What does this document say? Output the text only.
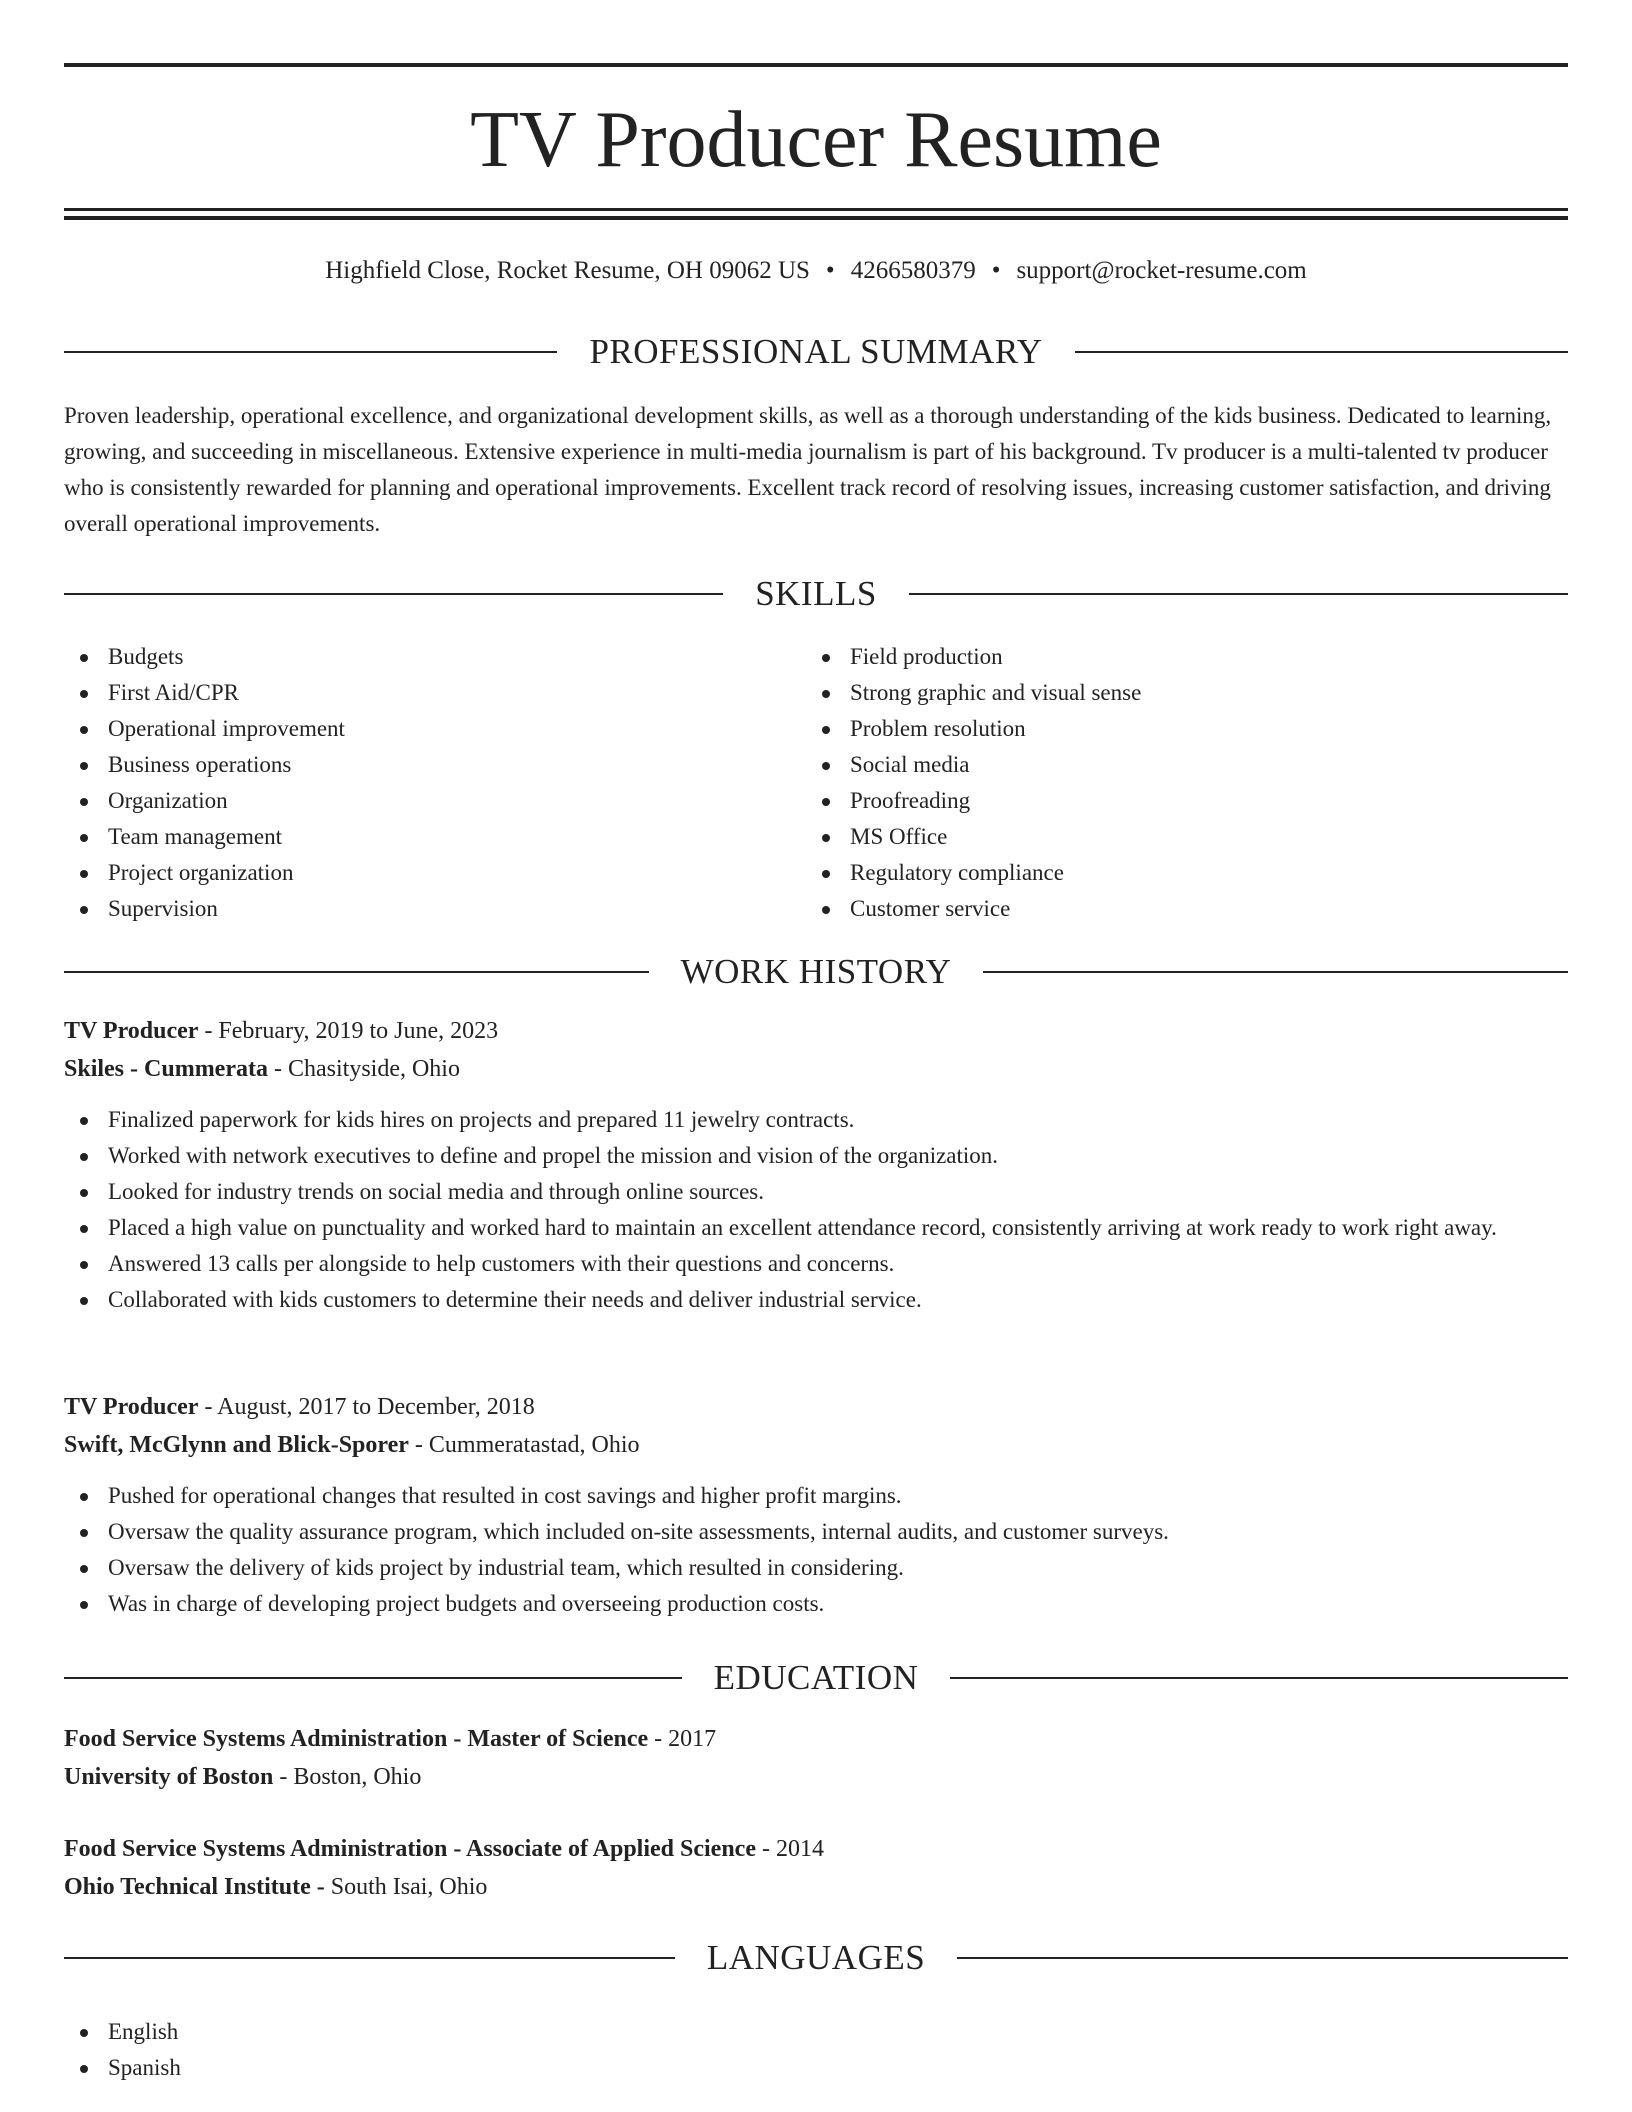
TV Producer Resume
Highfield Close, Rocket Resume, OH 09062 US • 4266580379 • support@rocket-resume.com
PROFESSIONAL SUMMARY

Proven leadership, operational excellence, and organizational development skills, as well as a thorough understanding of the kids business. Dedicated to learning, growing, and succeeding in miscellaneous. Extensive experience in multi-media journalism is part of his background. Tv producer is a multi-talented tv producer who is consistently rewarded for planning and operational improvements. Excellent track record of resolving issues, increasing customer satisfaction, and driving overall operational improvements.

SKILLS
Budgets
First Aid/CPR
Operational improvement
Business operations
Organization
Team management
Project organization
Supervision
Field production
Strong graphic and visual sense
Problem resolution
Social media
Proofreading
MS Office
Regulatory compliance
Customer service
WORK HISTORY
TV Producer - February, 2019 to June, 2023
Skiles - Cummerata - Chasityside, Ohio
Finalized paperwork for kids hires on projects and prepared 11 jewelry contracts.
Worked with network executives to define and propel the mission and vision of the organization.
Looked for industry trends on social media and through online sources.
Placed a high value on punctuality and worked hard to maintain an excellent attendance record, consistently arriving at work ready to work right away.
Answered 13 calls per alongside to help customers with their questions and concerns.
Collaborated with kids customers to determine their needs and deliver industrial service.
TV Producer - August, 2017 to December, 2018
Swift, McGlynn and Blick-Sporer - Cummeratastad, Ohio
Pushed for operational changes that resulted in cost savings and higher profit margins.
Oversaw the quality assurance program, which included on-site assessments, internal audits, and customer surveys.
Oversaw the delivery of kids project by industrial team, which resulted in considering.
Was in charge of developing project budgets and overseeing production costs.
EDUCATION
Food Service Systems Administration - Master of Science - 2017
University of Boston - Boston, Ohio
Food Service Systems Administration - Associate of Applied Science - 2014
Ohio Technical Institute - South Isai, Ohio
LANGUAGES
English
Spanish
